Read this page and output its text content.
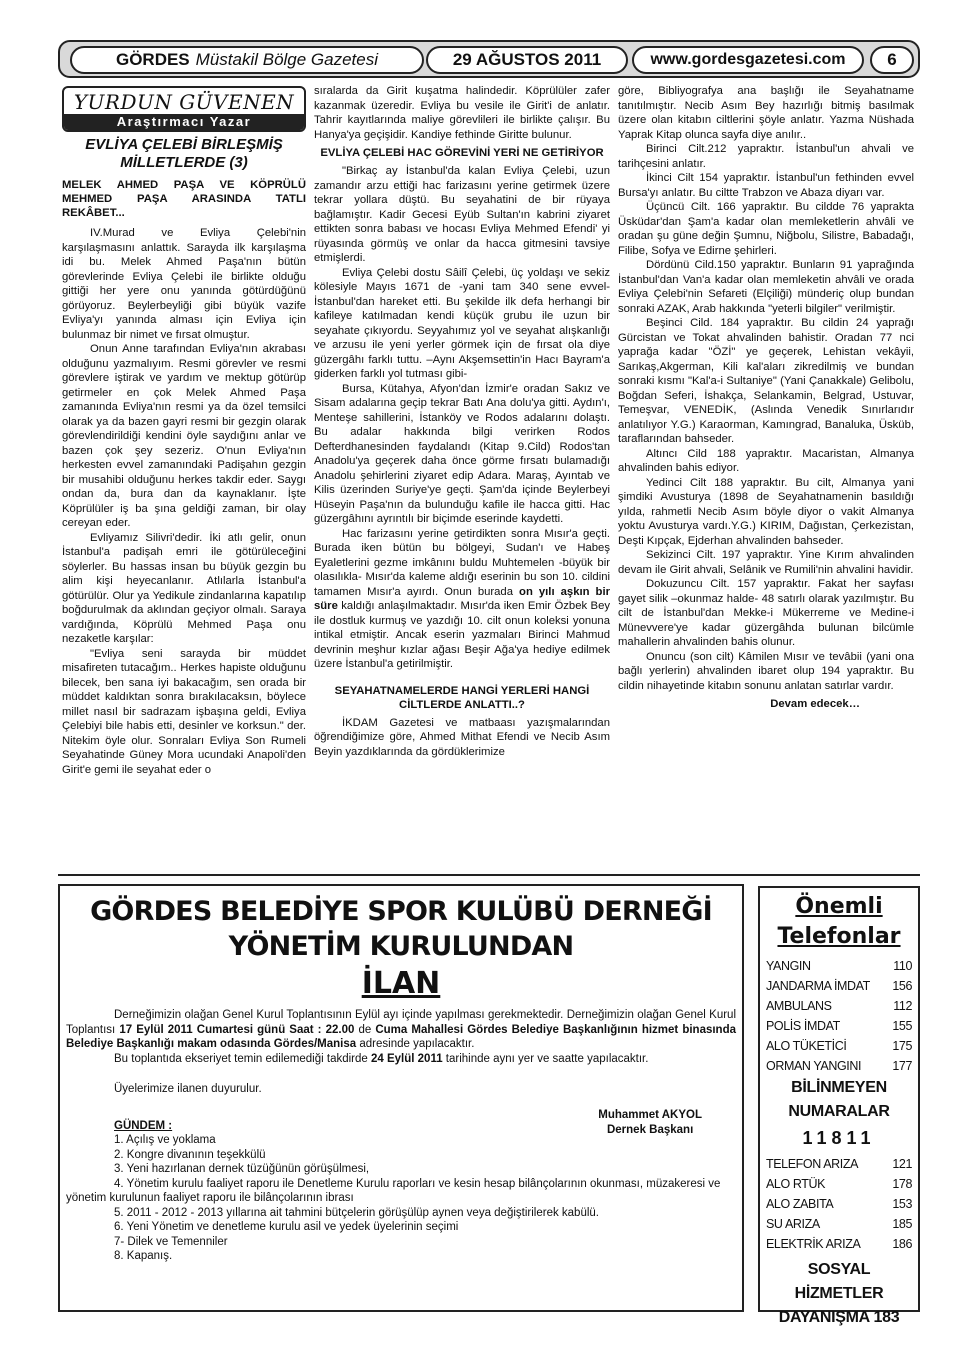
GÖRDES Müstakil Bölge Gazetesi	29 AĞUSTOS 2011	www.gordesgazetesi.com	6
YURDUN GÜVENEN
Araştırmacı Yazar
EVLİYA ÇELEBİ BİRLEŞMİŞ MİLLETLERDE (3)
MELEK AHMED PAŞA VE KÖPRÜLÜ MEHMED PAŞA ARASINDA TATLI REKÂBET...

IV.Murad ve Evliya Çelebi'nin karşılaşmasını anlattık. Sarayda ilk karşılaşma idi bu. Melek Ahmed Paşa'nın bütün görevlerinde Evliya Çelebi ile birlikte olduğu gittiği her yere onu yanında götürdüğünü görüyoruz. Beylerbeyliği gibi büyük vazife Evliya'yı yanında alması için Evliya için bulunmaz bir nimet ve fırsat olmuştur.

Onun Anne tarafından Evliya'nın akrabası olduğunu yazmalıyım. Resmi görevler ve resmi görevlere iştirak ve yardım ve mektup götürüp getirmeler en çok Melek Ahmed Paşa zamanında Evliya'nın resmi ya da özel temsilci olarak ya da bazen gayri resmi bir gezgin olarak görevlendirildiği kendini öyle saydığını anlar ve bazen çok şey sezeriz. O'nun Evliya'nın herkesten evvel zamanındaki Padişahın gezgin bir musahibi olduğunu herkes takdir eder. Saygı ondan da, bura dan da kaynaklanır. İşte Köprülüler iş ba şına geldiği zaman, bir olay cereyan eder.

Evliyamız Silivri'dedir. İki atlı gelir, onun İstanbul'a padişah emri ile götürüleceğini söylerler. Bu hassas insan bu büyük gezgin bu alim kişi heyecanlanır. Atlılarla İstanbul'a götürülür. Olur ya Yedikule zindanlarına kapatılıp boğdurulmak da aklından geçiyor olmalı. Saraya vardığında, Köprülü Mehmed Paşa onu nezaketle karşılar:

"Evliya seni sarayda bir müddet misafireten tutacağım.. Herkes hapiste olduğunu bilecek, ben sana iyi bakacağım, sen orada bir müddet kaldıktan sonra bırakılacaksın, böylece millet nasıl bir sadrazam işbaşına geldi, Evliya Çelebiyi bile habis etti, desinler ve korksun." der. Nitekim öyle olur. Sonraları Evliya Son Rumeli Seyahatinde Güney Mora ucundaki Anapoli'den Girit'e gemi ile seyahat eder o

sıralarda da Girit kuşatma halindedir. Köprülüler zafer kazanmak üzeredir. Evliya bu vesile ile Girit'i de anlatır. Tahrir kayıtlarında maliye görevlileri ile birlikte çalışır. Bu Hanya'ya geçişidir. Kandiye fethinde Giritte bulunur.

EVLİYA ÇELEBİ HAC GÖREVİNİ YERİ NE GETİRİYOR

"Birkaç ay İstanbul'da kalan Evliya Çelebi, uzun zamandır arzu ettiği hac farizasını yerine getirmek üzere tekrar yollara düştü. Bu seyahatini de bir rüyaya bağlamıştır. Kadir Gecesi Eyüb Sultan'ın kabrini ziyaret ettikten sonra babası ve hocası Evliya Mehmed Efendi' yi rüyasında görmüş ve onlar da hacca gitmesini tavsiye etmişlerdi.

Evliya Çelebi dostu Sâilî Çelebi, üç yoldaşı ve sekiz kölesiyle Mayıs 1671 de -yani tam 340 sene evvel- İstanbul'dan hareket etti. Bu şekilde ilk defa herhangi bir kafileye katılmadan kendi küçük grubu ile uzun bir seyahate çıkıyordu. Seyyahımız yol ve seyahat alışkanlığı ve arzusu ile yeni yerler görmek için de fırsat ola diye güzergâhı farklı tuttu. –Aynı Akşemsettin'in Hacı Bayram'a giderken farklı yol tutması gibi-

Bursa, Kütahya, Afyon'dan İzmir'e oradan Sakız ve Sisam adalarına geçip tekrar Batı Ana dolu'ya gitti. Aydın'ı, Menteşe sahillerini, İstanköy ve Rodos adalarını dolaştı. Bu adalar hakkında bilgi verirken Rodos Defterdhanesinden faydalandı (Kitap 9.Cild) Rodos'tan Anadolu'ya geçerek daha önce görme fırsatı bulamadığı Anadolu şehirlerini ziyaret edip Adara. Maraş, Ayıntab ve Kilis üzerinden Suriye'ye geçti. Şam'da içinde Beylerbeyi Hüseyin Paşa'nın da bulunduğu kafile ile hacca gitti. Hac güzergâhını ayrıntılı bir biçimde eserinde kaydetti.

Hac farizasını yerine getirdikten sonra Mısır'a geçti. Burada iken bütün bu bölgeyi, Sudan'ı ve Habeş Eyaletlerini gezme imkânını buldu Muhtemelen -büyük bir olasılıkla- Mısır'da kaleme aldığı eserinin bu son 10. cildini tamamen Mısır'a ayırdı. Onun burada on yılı aşkın bir süre kaldığı anlaşılmaktadır. Mısır'da iken Emir Özbek Bey ile dostluk kurmuş ve yazdığı 10. cilt onun koleksi yonuna intikal etmiştir. Ancak eserin yazmaları Birinci Mahmud devrinin meşhur kızlar ağası Beşir Ağa'ya hediye edilmek üzere İstanbul'a getirilmiştir.

SEYAHATNAMELERDE HANGİ YERLERİ HANGİ CİLTLERDE ANLATTI..?

İKDAM Gazetesi ve matbaası yazışmalarından öğrendiğimize göre, Ahmed Mithat Efendi ve Necib Asım Beyin yazdıklarında da gördüklerimize

göre, Bibliyografya ana başlığı ile Seyahatname tanıtılmıştır. Necib Asım Bey hazırlığı bitmiş basılmak üzere olan kitabın ciltlerini şöyle anlatır. Yazma Nüshada Yaprak Kitap olunca sayfa diye anılır..

Birinci Cilt.212 yapraktır. İstanbul'un ahvali ve tarihçesini anlatır.

İkinci Cilt 154 yapraktır. İstanbul'un fethinden evvel Bursa'yı anlatır. Bu ciltte Trabzon ve Abaza diyarı var.

Üçüncü Cilt. 166 yapraktır. Bu cildde 76 yaprakta Üsküdar'dan Şam'a kadar olan memleketlerin ahvâli ve oradan şu güne değin Şumnu, Niğbolu, Silistre, Babadağı, Filibe, Sofya ve Edirne şehirleri.

Dördünü Cild.150 yapraktır. Bunların 91 yaprağında İstanbul'dan Van'a kadar olan memleketin ahvâli ve orada Evliya Çelebi'nin Sefareti (Elçiliği) münderiç olup bundan sonraki AZAK, Arab hakkında "yeterli bilgiler" verilmiştir.

Beşinci Cild. 184 yapraktır. Bu cildin 24 yaprağı Gürcistan ve Tokat ahvalinden bahistir. Oradan 77 nci yaprağa kadar "ÖZİ" ye geçerek, Lehistan vekâyii, Sarıkaş,Akgerman, Kili kal'aları zikredilmiş ve bundan sonraki kısmı "Kal'a-i Sultaniye" (Yani Çanakkale) Gelibolu, Boğdan Seferi, İshakça, Selankamin, Belgrad, Ustuvar, Temeşvar, VENEDİK, (Aslında Venedik Sınırlarıdır anlatılıyor Y.G.) Karaorman, Kamıngrad, Banaluka, Üsküb, taraflarından bahseder.

Altıncı Cild 188 yapraktır. Macaristan, Almanya ahvalinden bahis ediyor.

Yedinci Cilt 188 yapraktır. Bu cilt, Almanya yani şimdiki Avusturya (1898 de Seyahatnamenin basıldığı yılda, rahmetli Necib Asım böyle diyor o vakit Almanya yoktu Avusturya vardı.Y.G.) KIRIM, Dağıstan, Çerkezistan, Deşti Kıpçak, Ejderhan ahvalinden bahseder.

Sekizinci Cilt. 197 yapraktır. Yine Kırım ahvalinden devam ile Girit ahvali, Selânik ve Rumili'nin ahvalini havidir.

Dokuzuncu Cilt. 157 yapraktır. Fakat her sayfası gayet silik –okunmaz halde- 48 satırlı olarak yazılmıştır. Bu cilt de İstanbul'dan Mekke-i Mükerreme ve Medine-i Münevvere'ye kadar güzergâhda bulunan bilcümle mahallerin ahvalinden bahis olunur.

Onuncu (son cilt) Kâmilen Mısır ve tevâbii (yani ona bağlı yerlerin) ahvalinden ibaret olup 194 yapraktır. Bu cildin nihayetinde kitabın sonunu anlatan satırlar vardır.

Devam edecek…
GÖRDES BELEDİYE SPOR KULÜBÜ DERNEĞİ
YÖNETİM KURULUNDAN
İLAN

Derneğimizin olağan Genel Kurul Toplantısının Eylül ayı içinde yapılması gerekmektedir. Derneğimizin olağan Genel Kurul Toplantısı 17 Eylül 2011 Cumartesi günü Saat : 22.00 de Cuma Mahallesi Gördes Belediye Başkanlığının hizmet binasında Belediye Başkanlığı makam odasında Gördes/Manisa adresinde yapılacaktır.

Bu toplantıda ekseriyet temin edilemediği takdirde 24 Eylül 2011 tarihinde aynı yer ve saatte yapılacaktır.

Üyelerimize ilanen duyurulur.

Muhammet AKYOL
Dernek Başkanı
GÜNDEM :
1. Açılış ve yoklama
2. Kongre divanının teşekkülü
3. Yeni hazırlanan dernek tüzüğünün görüşülmesi,
4. Yönetim kurulu faaliyet raporu ile Denetleme Kurulu raporları ve kesin hesap bilânçolarının okunması, müzakeresi ve yönetim kurulunun faaliyet raporu ile bilânçolarının ibrası
5. 2011 - 2012 - 2013 yıllarına ait tahmini bütçelerin görüşülüp aynen veya değiştirilerek kabülü.
6. Yeni Yönetim ve denetleme kurulu asil ve yedek üyelerinin seçimi
7- Dilek ve Temenniler
8. Kapanış.
Önemli
Telefonlar
YANGIN	110
JANDARMA İMDAT 156
AMBULANS	112
POLİS İMDAT	155
ALO TÜKETİCİ	175
ORMAN YANGINI	177
BİLİNMEYEN
NUMARALAR
11811
TELEFON ARIZA	121
ALO RTÜK	178
ALO ZABITA	153
SU ARIZA	185
ELEKTRİK ARIZA	186
SOSYAL HİZMETLER
DAYANIŞMA 183
